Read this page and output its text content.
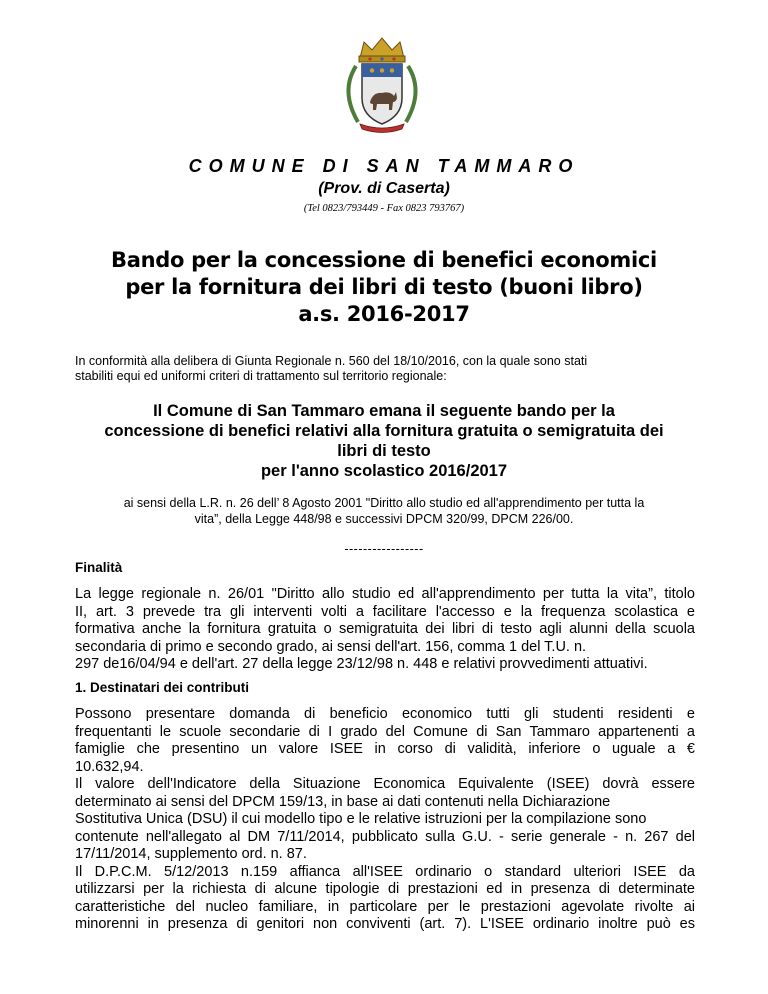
COMUNE DI SAN TAMMARO
(Prov. di Caserta)
(Tel 0823/793449 - Fax 0823 793767)
Bando per la concessione di benefici economici
per la fornitura dei libri di testo (buoni libro)
a.s. 2016-2017
In conformità alla delibera di Giunta Regionale n. 560 del 18/10/2016, con la quale sono stati
stabiliti equi ed uniformi criteri di trattamento sul territorio regionale:
Il Comune di San Tammaro emana il seguente bando per la
concessione di benefici relativi alla fornitura gratuita o semigratuita dei
libri di testo
per l'anno scolastico 2016/2017
ai sensi della L.R. n. 26 dell’ 8 Agosto 2001 "Diritto allo studio ed all'apprendimento per tutta la
vita”, della Legge 448/98 e successivi DPCM 320/99, DPCM 226/00.
-----------------
Finalità
La legge regionale n. 26/01 "Diritto allo studio ed all'apprendimento per tutta la vita”, titolo
II, art. 3 prevede tra gli interventi volti a facilitare l'accesso e la frequenza scolastica e
formativa anche la fornitura gratuita o semigratuita dei libri di testo agli alunni della scuola
secondaria di primo e secondo grado, ai sensi dell'art. 156, comma 1 del T.U. n.
297 de16/04/94 e dell'art. 27 della legge 23/12/98 n. 448 e relativi provvedimenti attuativi.
1. Destinatari dei contributi
Possono presentare domanda di beneficio economico tutti gli studenti residenti e
frequentanti le scuole secondarie di I grado del Comune di San Tammaro appartenenti a
famiglie che presentino un valore ISEE in corso di validità, inferiore o uguale a €
10.632,94.
Il valore dell'Indicatore della Situazione Economica Equivalente (ISEE) dovrà essere
determinato ai sensi del DPCM 159/13, in base ai dati contenuti nella Dichiarazione
Sostitutiva Unica (DSU) il cui modello tipo e le relative istruzioni per la compilazione sono
contenute nell'allegato al DM 7/11/2014, pubblicato sulla G.U. - serie generale - n. 267 del
17/11/2014, supplemento ord. n. 87.
Il D.P.C.M. 5/12/2013 n.159 affianca all'ISEE ordinario o standard ulteriori ISEE da
utilizzarsi per la richiesta di alcune tipologie di prestazioni ed in presenza di determinate
caratteristiche del nucleo familiare, in particolare per le prestazioni agevolate rivolte ai
minorenni in presenza di genitori non conviventi (art. 7). L'ISEE ordinario inoltre può es
